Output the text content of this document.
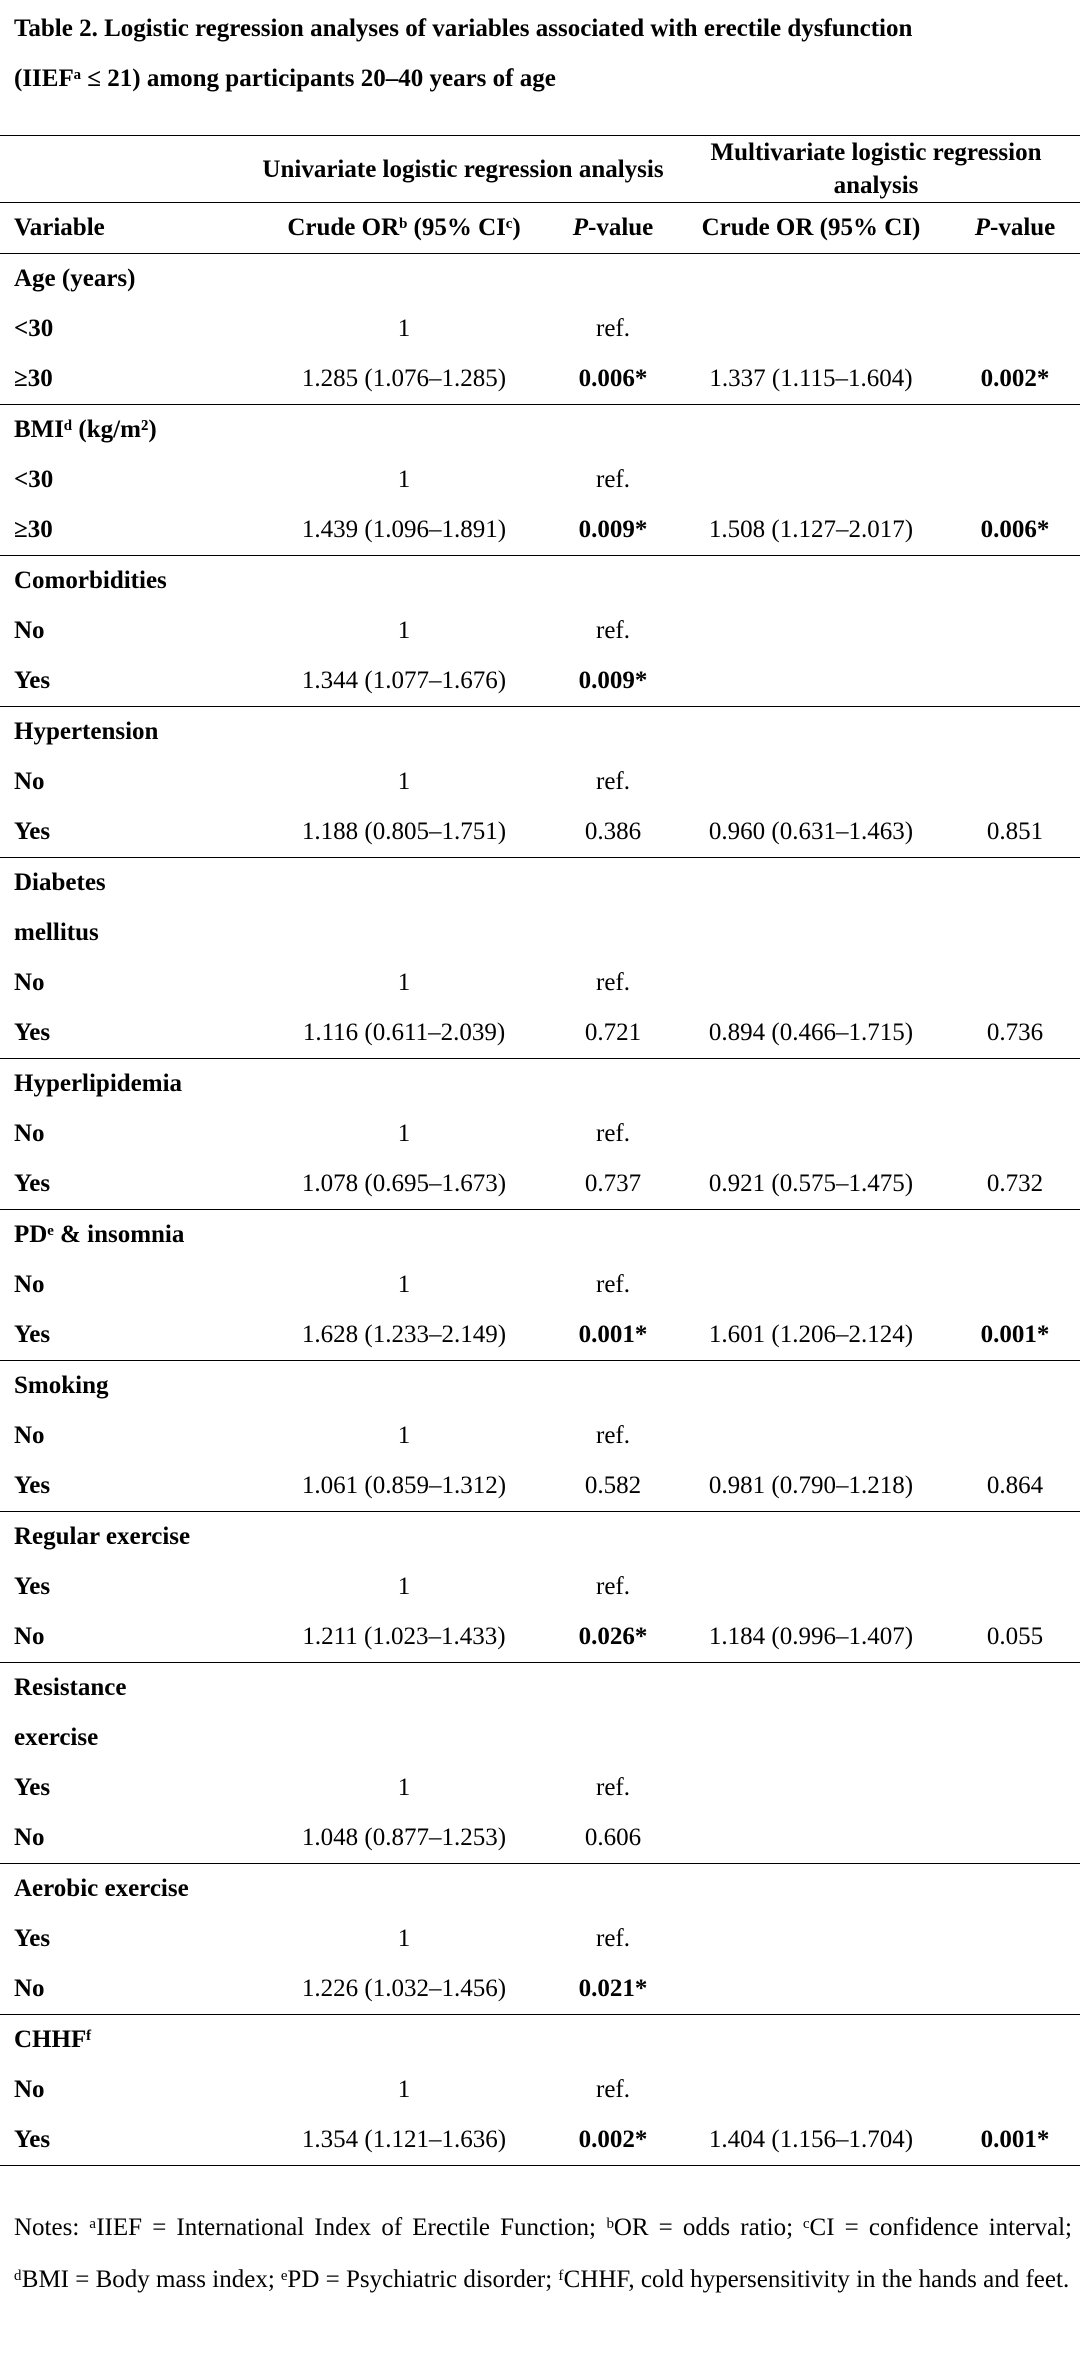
Table 2. Logistic regression analyses of variables associated with erectile dysfunction
(IIEFᵃ ≤ 21) among participants 20–40 years of age
	Univariate logistic regression analysis		Multivariate logistic regression analysis	
Variable	Crude ORᵇ (95% CIᶜ)	P-value	Crude OR (95% CI)	P-value
Age (years)				
<30	1	ref.		
≥30	1.285 (1.076–1.285)	0.006*	1.337 (1.115–1.604)	0.002*
BMIᵈ (kg/m²)				
<30	1	ref.		
≥30	1.439 (1.096–1.891)	0.009*	1.508 (1.127–2.017)	0.006*
Comorbidities				
No	1	ref.		
Yes	1.344 (1.077–1.676)	0.009*		
Hypertension				
No	1	ref.		
Yes	1.188 (0.805–1.751)	0.386	0.960 (0.631–1.463)	0.851
Diabetes				
mellitus				
No	1	ref.		
Yes	1.116 (0.611–2.039)	0.721	0.894 (0.466–1.715)	0.736
Hyperlipidemia				
No	1	ref.		
Yes	1.078 (0.695–1.673)	0.737	0.921 (0.575–1.475)	0.732
PDᵉ & insomnia				
No	1	ref.		
Yes	1.628 (1.233–2.149)	0.001*	1.601 (1.206–2.124)	0.001*
Smoking				
No	1	ref.		
Yes	1.061 (0.859–1.312)	0.582	0.981 (0.790–1.218)	0.864
Regular exercise				
Yes	1	ref.		
No	1.211 (1.023–1.433)	0.026*	1.184 (0.996–1.407)	0.055
Resistance				
exercise				
Yes	1	ref.		
No	1.048 (0.877–1.253)	0.606		
Aerobic exercise				
Yes	1	ref.		
No	1.226 (1.032–1.456)	0.021*		
CHHFᶠ				
No	1	ref.		
Yes	1.354 (1.121–1.636)	0.002*	1.404 (1.156–1.704)	0.001*
Notes: ᵃIIEF = International Index of Erectile Function; ᵇOR = odds ratio; ᶜCI = confidence interval; ᵈBMI = Body mass index; ᵉPD = Psychiatric disorder; ᶠCHHF, cold hypersensitivity in the hands and feet.
